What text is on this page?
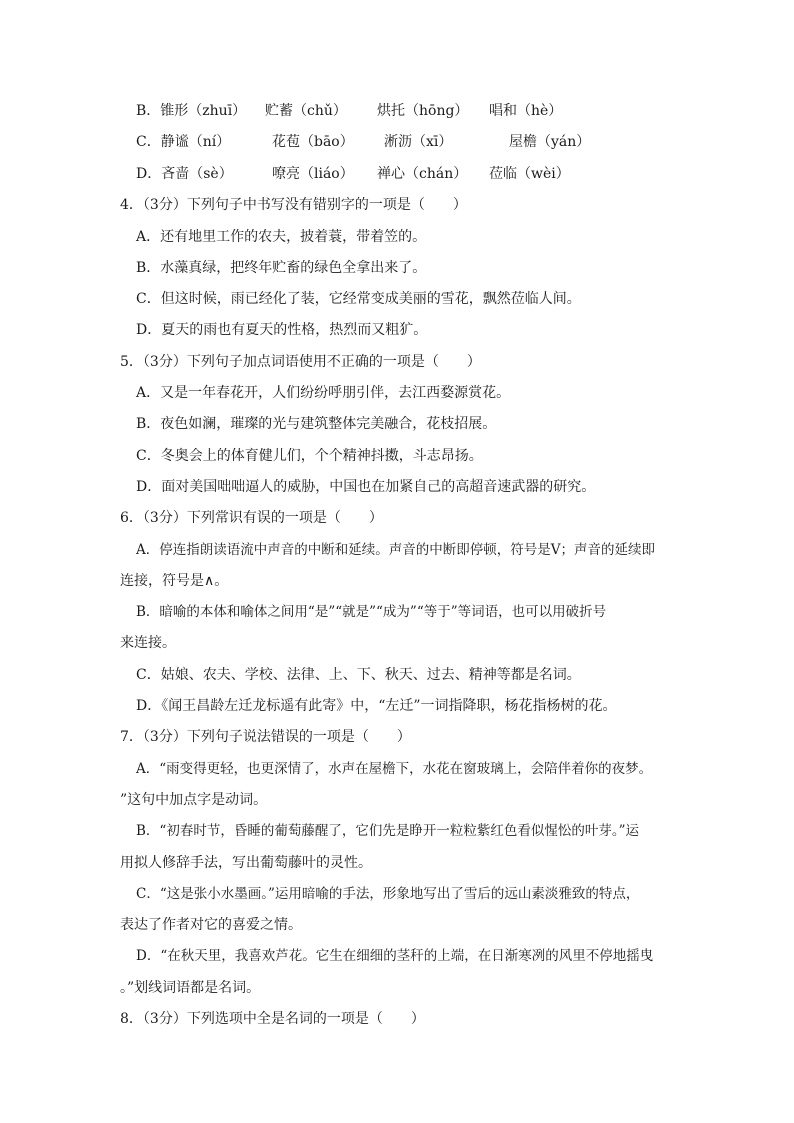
B．锥形（zhuī） 贮蓄（chǔ） 烘托（hōng） 唱和（hè）
C．静谧（ní）	花苞（bāo） 淅沥（xī）	屋檐（yán）
D．吝啬（sè）	嘹亮（liáo） 禅心（chán） 莅临（wèi）
4．（3分）下列句子中书写没有错别字的一项是（　　）
A．还有地里工作的农夫，披着蓑，带着笠的。
B．水藻真绿，把终年贮畜的绿色全拿出来了。
C．但这时候，雨已经化了装，它经常变成美丽的雪花，飘然莅临人间。
D．夏天的雨也有夏天的性格，热烈而又粗犷。
5．（3分）下列句子加点词语使用不正确的一项是（　　）
A．又是一年春花开，人们纷纷呼朋引伴，去江西婺源赏花。
B．夜色如澜，璀璨的光与建筑整体完美融合，花枝招展。
C．冬奥会上的体育健儿们，个个精神抖擞，斗志昂扬。
D．面对美国咄咄逼人的威胁，中国也在加紧自己的高超音速武器的研究。
6．（3分）下列常识有误的一项是（　　）
A．停连指朗读语流中声音的中断和延续。声音的中断即停顿，符号是V；声音的延续即
连接，符号是∧。
B．暗喻的本体和喻体之间用“是”“就是”“成为”“等于”等词语，也可以用破折号
来连接。
C．姑娘、农夫、学校、法律、上、下、秋天、过去、精神等都是名词。
D．《闻王昌龄左迁龙标遥有此寄》中，“左迁”一词指降职，杨花指杨树的花。
7．（3分）下列句子说法错误的一项是（　　）
A．“雨变得更轻，也更深情了，水声在屋檐下，水花在窗玻璃上，会陪伴着你的夜梦。
”这句中加点字是动词。
B．“初春时节，昏睡的葡萄藤醒了，它们先是睁开一粒粒紫红色看似惺忪的叶芽。”运
用拟人修辞手法，写出葡萄藤叶的灵性。
C．“这是张小水墨画。”运用暗喻的手法，形象地写出了雪后的远山素淡雅致的特点，
表达了作者对它的喜爱之情。
D．“在秋天里，我喜欢芦花。它生在细细的茎秆的上端，在日渐寒冽的风里不停地摇曳
。”划线词语都是名词。
8．（3分）下列选项中全是名词的一项是（　　）
